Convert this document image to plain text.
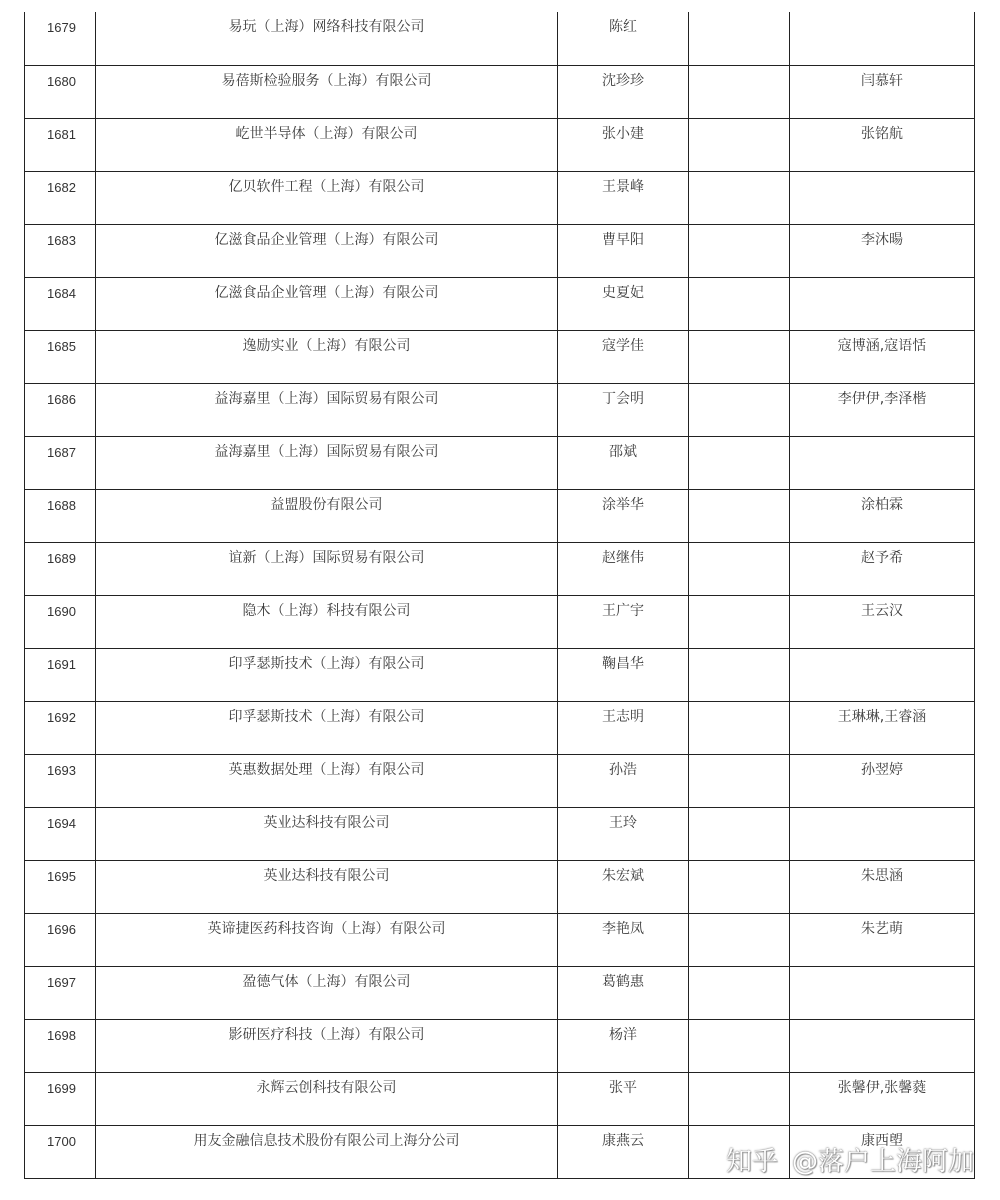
1679	易玩（上海）网络科技有限公司	陈红		
1680	易蓓斯检验服务（上海）有限公司	沈珍珍		闫慕轩
1681	屹世半导体（上海）有限公司	张小建		张铭航
1682	亿贝软件工程（上海）有限公司	王景峰		
1683	亿滋食品企业管理（上海）有限公司	曹早阳		李沐暘
1684	亿滋食品企业管理（上海）有限公司	史夏妃		
1685	逸励实业（上海）有限公司	寇学佳		寇博涵,寇语恬
1686	益海嘉里（上海）国际贸易有限公司	丁会明		李伊伊,李泽楷
1687	益海嘉里（上海）国际贸易有限公司	邵斌		
1688	益盟股份有限公司	涂举华		涂柏霖
1689	谊新（上海）国际贸易有限公司	赵继伟		赵予希
1690	隐木（上海）科技有限公司	王广宇		王云汉
1691	印孚瑟斯技术（上海）有限公司	鞠昌华		
1692	印孚瑟斯技术（上海）有限公司	王志明		王琳琳,王睿涵
1693	英惠数据处理（上海）有限公司	孙浩		孙翌婷
1694	英业达科技有限公司	王玲		
1695	英业达科技有限公司	朱宏斌		朱思涵
1696	英谛捷医药科技咨询（上海）有限公司	李艳凤		朱艺萌
1697	盈德气体（上海）有限公司	葛鹤惠		
1698	影研医疗科技（上海）有限公司	杨洋		
1699	永辉云创科技有限公司	张平		张馨伊,张馨蕤
1700	用友金融信息技术股份有限公司上海分公司	康燕云		康西塱
知乎 @落户上海阿加
